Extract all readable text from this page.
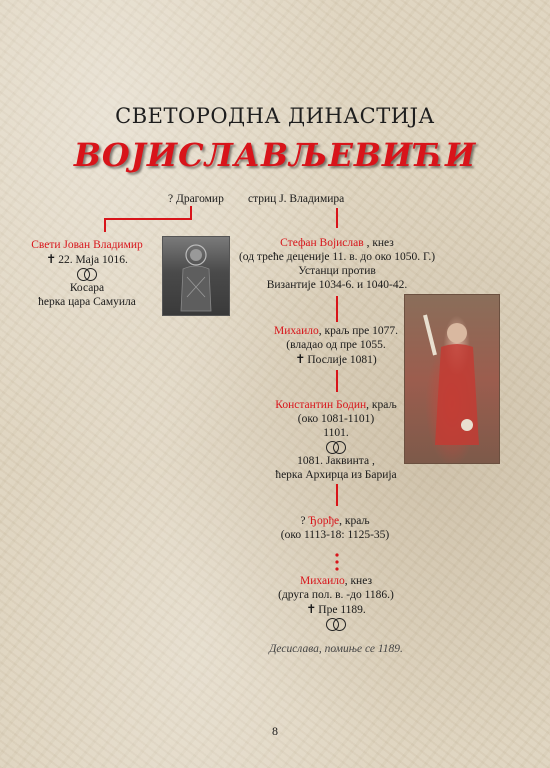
СВЕТОРОДНА ДИНАСТИЈА
ВОЈИСЛАВЉЕВИЋИ
? Драгомир	стриц Ј. Владимира
Свети Јован Владимир
✝ 22. Маја 1016.
Косара
ћерка цара Самуила
Стефан Војислав , кнез
(од треће деценије 11. в. до око 1050. Г.)
Устанци против
Византије 1034-6. и 1040-42.
Михаило, краљ пре 1077.
(владао од пре 1055.
✝ Послије 1081)
Константин Бодин, краљ
(око 1081-1101)
1101.
1081. Јаквинта ,
ћерка Архирца из Барија
? Ђорђе, краљ
(око 1113-18: 1125-35)
Михаило, кнез
(друга пол. в. -до 1186.)
✝ Пре 1189.
Десислава, помиње се 1189.
8
